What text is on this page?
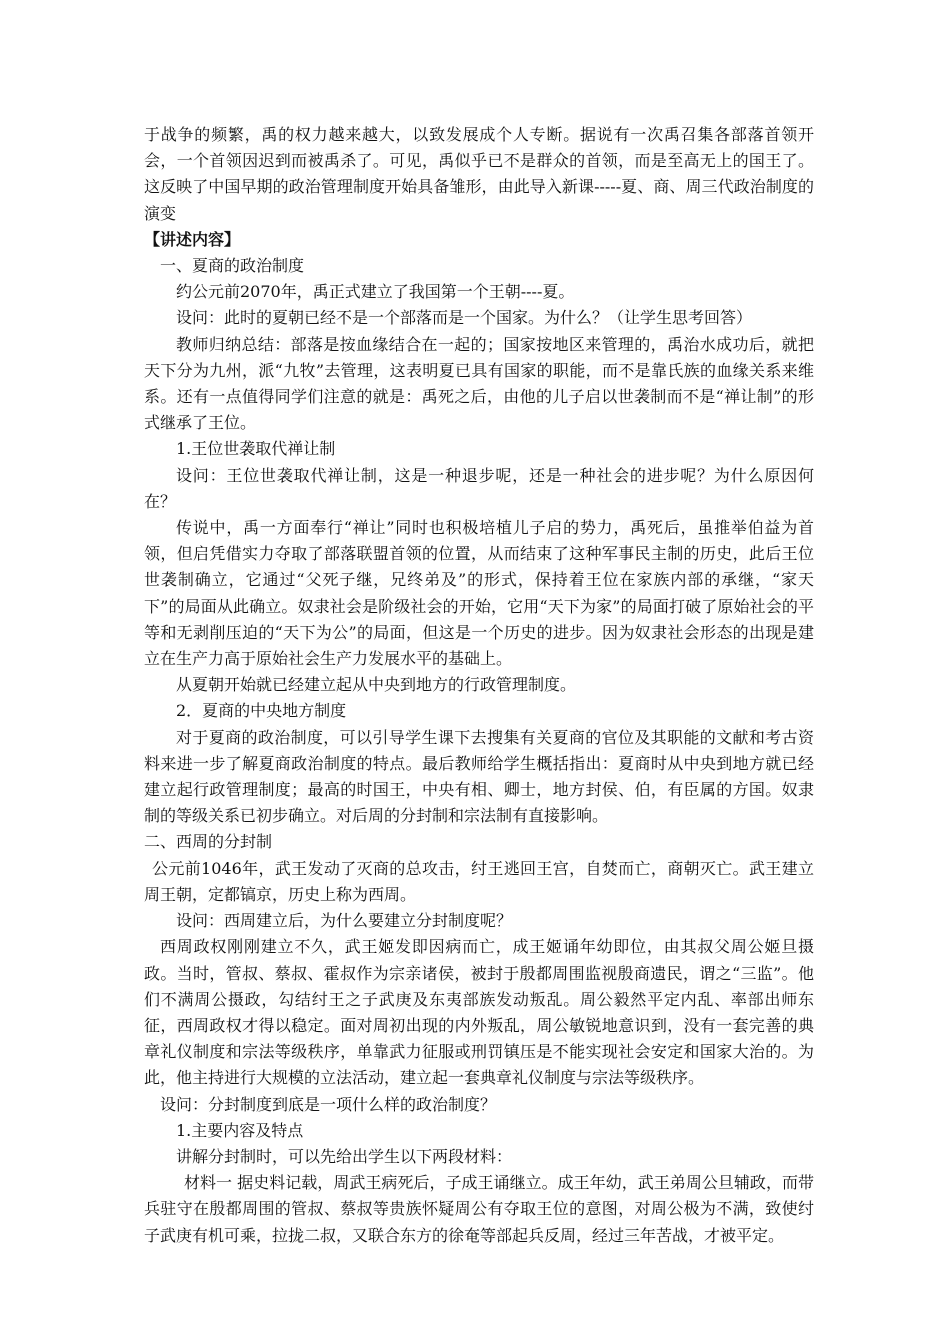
于战争的频繁，禹的权力越来越大，以致发展成个人专断。据说有一次禹召集各部落首领开会，一个首领因迟到而被禹杀了。可见，禹似乎已不是群众的首领，而是至高无上的国王了。这反映了中国早期的政治管理制度开始具备雏形，由此导入新课-----夏、商、周三代政治制度的演变

【讲述内容】

一、夏商的政治制度

约公元前2070年，禹正式建立了我国第一个王朝----夏。

设问：此时的夏朝已经不是一个部落而是一个国家。为什么？（让学生思考回答）

教师归纳总结：部落是按血缘结合在一起的；国家按地区来管理的，禹治水成功后，就把天下分为九州，派“九牧”去管理，这表明夏已具有国家的职能，而不是靠氏族的血缘关系来维系。还有一点值得同学们注意的就是：禹死之后，由他的儿子启以世袭制而不是“禅让制”的形式继承了王位。

1.王位世袭取代禅让制

设问：王位世袭取代禅让制，这是一种退步呢，还是一种社会的进步呢？为什么原因何在？

传说中，禹一方面奉行“禅让”同时也积极培植儿子启的势力，禹死后，虽推举伯益为首领，但启凭借实力夺取了部落联盟首领的位置，从而结束了这种军事民主制的历史，此后王位世袭制确立，它通过“父死子继，兄终弟及”的形式，保持着王位在家族内部的承继，“家天下”的局面从此确立。奴隶社会是阶级社会的开始，它用“天下为家”的局面打破了原始社会的平等和无剥削压迫的“天下为公”的局面，但这是一个历史的进步。因为奴隶社会形态的出现是建立在生产力高于原始社会生产力发展水平的基础上。

从夏朝开始就已经建立起从中央到地方的行政管理制度。

2．夏商的中央地方制度

对于夏商的政治制度，可以引导学生课下去搜集有关夏商的官位及其职能的文献和考古资料来进一步了解夏商政治制度的特点。最后教师给学生概括指出：夏商时从中央到地方就已经建立起行政管理制度；最高的时国王，中央有相、卿士，地方封侯、伯，有臣属的方国。奴隶制的等级关系已初步确立。对后周的分封制和宗法制有直接影响。

二、西周的分封制

公元前1046年，武王发动了灭商的总攻击，纣王逃回王宫，自焚而亡，商朝灭亡。武王建立周王朝，定都镐京，历史上称为西周。

设问：西周建立后，为什么要建立分封制度呢？

西周政权刚刚建立不久，武王姬发即因病而亡，成王姬诵年幼即位，由其叔父周公姬旦摄政。当时，管叔、蔡叔、霍叔作为宗亲诸侯，被封于殷都周围监视殷商遗民，谓之“三监”。他们不满周公摄政，勾结纣王之子武庚及东夷部族发动叛乱。周公毅然平定内乱、率部出师东征，西周政权才得以稳定。面对周初出现的内外叛乱，周公敏锐地意识到，没有一套完善的典章礼仪制度和宗法等级秩序，单靠武力征服或刑罚镇压是不能实现社会安定和国家大治的。为此，他主持进行大规模的立法活动，建立起一套典章礼仪制度与宗法等级秩序。

设问：分封制度到底是一项什么样的政治制度？

1.主要内容及特点

讲解分封制时，可以先给出学生以下两段材料：

材料一 据史料记载，周武王病死后，子成王诵继立。成王年幼，武王弟周公旦辅政，而带兵驻守在殷都周围的管叔、蔡叔等贵族怀疑周公有夺取王位的意图，对周公极为不满，致使纣子武庚有机可乘，拉拢二叔，又联合东方的徐奄等部起兵反周，经过三年苦战，才被平定。
